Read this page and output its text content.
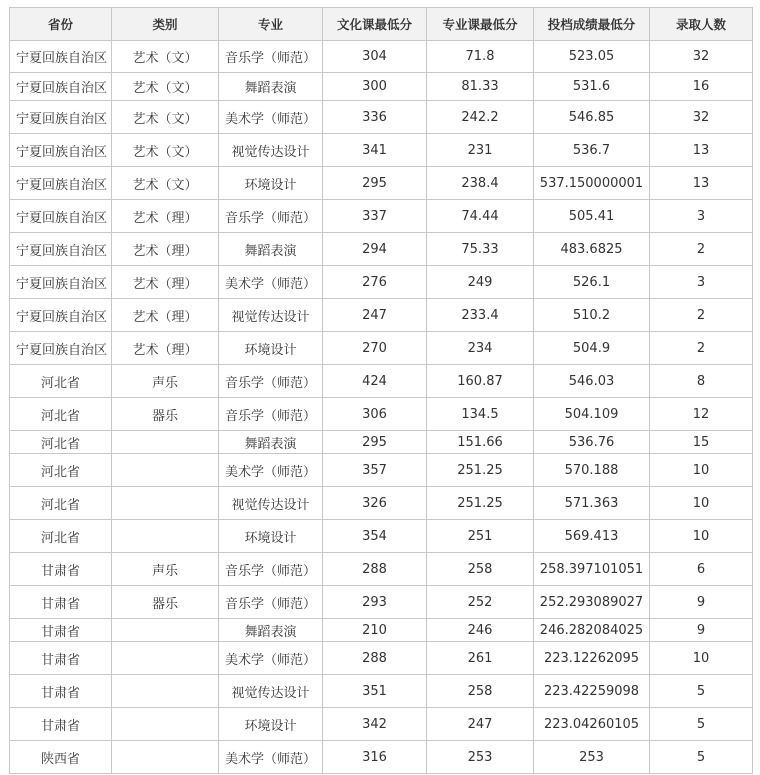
省份	类别	专业	文化课最低分	专业课最低分	投档成绩最低分	录取人数
宁夏回族自治区	艺术（文）	音乐学（师范）	304	71.8	523.05	32
宁夏回族自治区	艺术（文）	舞蹈表演	300	81.33	531.6	16
宁夏回族自治区	艺术（文）	美术学（师范）	336	242.2	546.85	32
宁夏回族自治区	艺术（文）	视觉传达设计	341	231	536.7	13
宁夏回族自治区	艺术（文）	环境设计	295	238.4	537.150000001	13
宁夏回族自治区	艺术（理）	音乐学（师范）	337	74.44	505.41	3
宁夏回族自治区	艺术（理）	舞蹈表演	294	75.33	483.6825	2
宁夏回族自治区	艺术（理）	美术学（师范）	276	249	526.1	3
宁夏回族自治区	艺术（理）	视觉传达设计	247	233.4	510.2	2
宁夏回族自治区	艺术（理）	环境设计	270	234	504.9	2
河北省	声乐	音乐学（师范）	424	160.87	546.03	8
河北省	器乐	音乐学（师范）	306	134.5	504.109	12
河北省		舞蹈表演	295	151.66	536.76	15
河北省		美术学（师范）	357	251.25	570.188	10
河北省		视觉传达设计	326	251.25	571.363	10
河北省		环境设计	354	251	569.413	10
甘肃省	声乐	音乐学（师范）	288	258	258.397101051	6
甘肃省	器乐	音乐学（师范）	293	252	252.293089027	9
甘肃省		舞蹈表演	210	246	246.282084025	9
甘肃省		美术学（师范）	288	261	223.12262095	10
甘肃省		视觉传达设计	351	258	223.42259098	5
甘肃省		环境设计	342	247	223.04260105	5
陕西省		美术学（师范）	316	253	253	5
